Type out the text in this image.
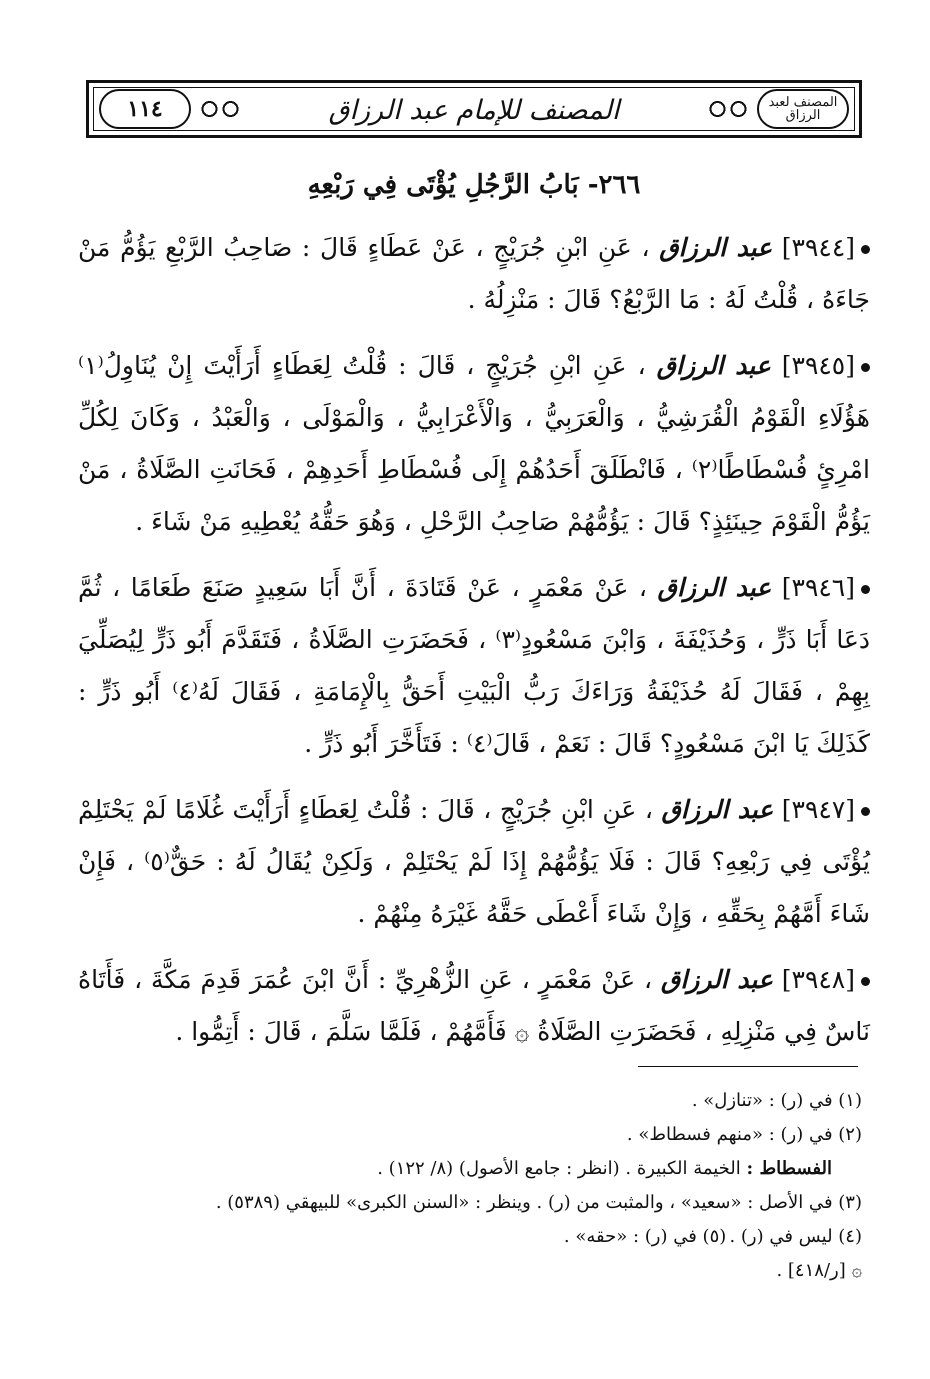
المصنف لعبد الرزاق
المصنف للإمام عبد الرزاق
١١٤
٢٦٦- بَابُ الرَّجُلِ يُؤْتَى فِي رَبْعِهِ

[٣٩٤٤] عبد الرزاق ، عَنِ ابْنِ جُرَيْجٍ ، عَنْ عَطَاءٍ قَالَ : صَاحِبُ الرَّبْعِ يَؤُمُّ مَنْ جَاءَهُ ، قُلْتُ لَهُ : مَا الرَّبْعُ؟ قَالَ : مَنْزِلُهُ .

[٣٩٤٥] عبد الرزاق ، عَنِ ابْنِ جُرَيْجٍ ، قَالَ : قُلْتُ لِعَطَاءٍ أَرَأَيْتَ إِنْ يُنَاوِلُ⁽١⁾ هَؤُلَاءِ الْقَوْمُ الْقُرَشِيُّ ، وَالْعَرَبِيُّ ، وَالْأَعْرَابِيُّ ، وَالْمَوْلَى ، وَالْعَبْدُ ، وَكَانَ لِكُلِّ امْرِئٍ فُسْطَاطًا⁽٢⁾ ، فَانْطَلَقَ أَحَدُهُمْ إِلَى فُسْطَاطِ أَحَدِهِمْ ، فَحَانَتِ الصَّلَاةُ ، مَنْ يَؤُمُّ الْقَوْمَ حِينَئِذٍ؟ قَالَ : يَؤُمُّهُمْ صَاحِبُ الرَّحْلِ ، وَهُوَ حَقُّهُ يُعْطِيهِ مَنْ شَاءَ .

[٣٩٤٦] عبد الرزاق ، عَنْ مَعْمَرٍ ، عَنْ قَتَادَةَ ، أَنَّ أَبَا سَعِيدٍ صَنَعَ طَعَامًا ، ثُمَّ دَعَا أَبَا ذَرٍّ ، وَحُذَيْفَةَ ، وَابْنَ مَسْعُودٍ⁽٣⁾ ، فَحَضَرَتِ الصَّلَاةُ ، فَتَقَدَّمَ أَبُو ذَرٍّ لِيُصَلِّيَ بِهِمْ ، فَقَالَ لَهُ حُذَيْفَةُ وَرَاءَكَ رَبُّ الْبَيْتِ أَحَقُّ بِالْإِمَامَةِ ، فَقَالَ لَهُ⁽٤⁾ أَبُو ذَرٍّ : كَذَلِكَ يَا ابْنَ مَسْعُودٍ؟ قَالَ : نَعَمْ ، قَالَ⁽٤⁾ : فَتَأَخَّرَ أَبُو ذَرٍّ .

[٣٩٤٧] عبد الرزاق ، عَنِ ابْنِ جُرَيْجٍ ، قَالَ : قُلْتُ لِعَطَاءٍ أَرَأَيْتَ غُلَامًا لَمْ يَحْتَلِمْ يُؤْتَى فِي رَبْعِهِ؟ قَالَ : فَلَا يَؤُمُّهُمْ إِذَا لَمْ يَحْتَلِمْ ، وَلَكِنْ يُقَالُ لَهُ : حَقٌّ⁽٥⁾ ، فَإِنْ شَاءَ أَمَّهُمْ بِحَقِّهِ ، وَإِنْ شَاءَ أَعْطَى حَقَّهُ غَيْرَهُ مِنْهُمْ .

[٣٩٤٨] عبد الرزاق ، عَنْ مَعْمَرٍ ، عَنِ الزُّهْرِيِّ : أَنَّ ابْنَ عُمَرَ قَدِمَ مَكَّةَ ، فَأَتَاهُ نَاسٌ فِي مَنْزِلِهِ ، فَحَضَرَتِ الصَّلَاةُ ۞ فَأَمَّهُمْ ، فَلَمَّا سَلَّمَ ، قَالَ : أَتِمُّوا .

(١) في (ر) : «تنازل» .
(٢) في (ر) : «منهم فسطاط» .
الفسطاط : الخيمة الكبيرة . (انظر : جامع الأصول) (٨/ ١٢٢) .
(٣) في الأصل : «سعيد» ، والمثبت من (ر) . وينظر : «السنن الكبرى» للبيهقي (٥٣٨٩) .
(٤) ليس في (ر) . (٥) في (ر) : «حقه» .
۞ [ر/٤١٨] .
